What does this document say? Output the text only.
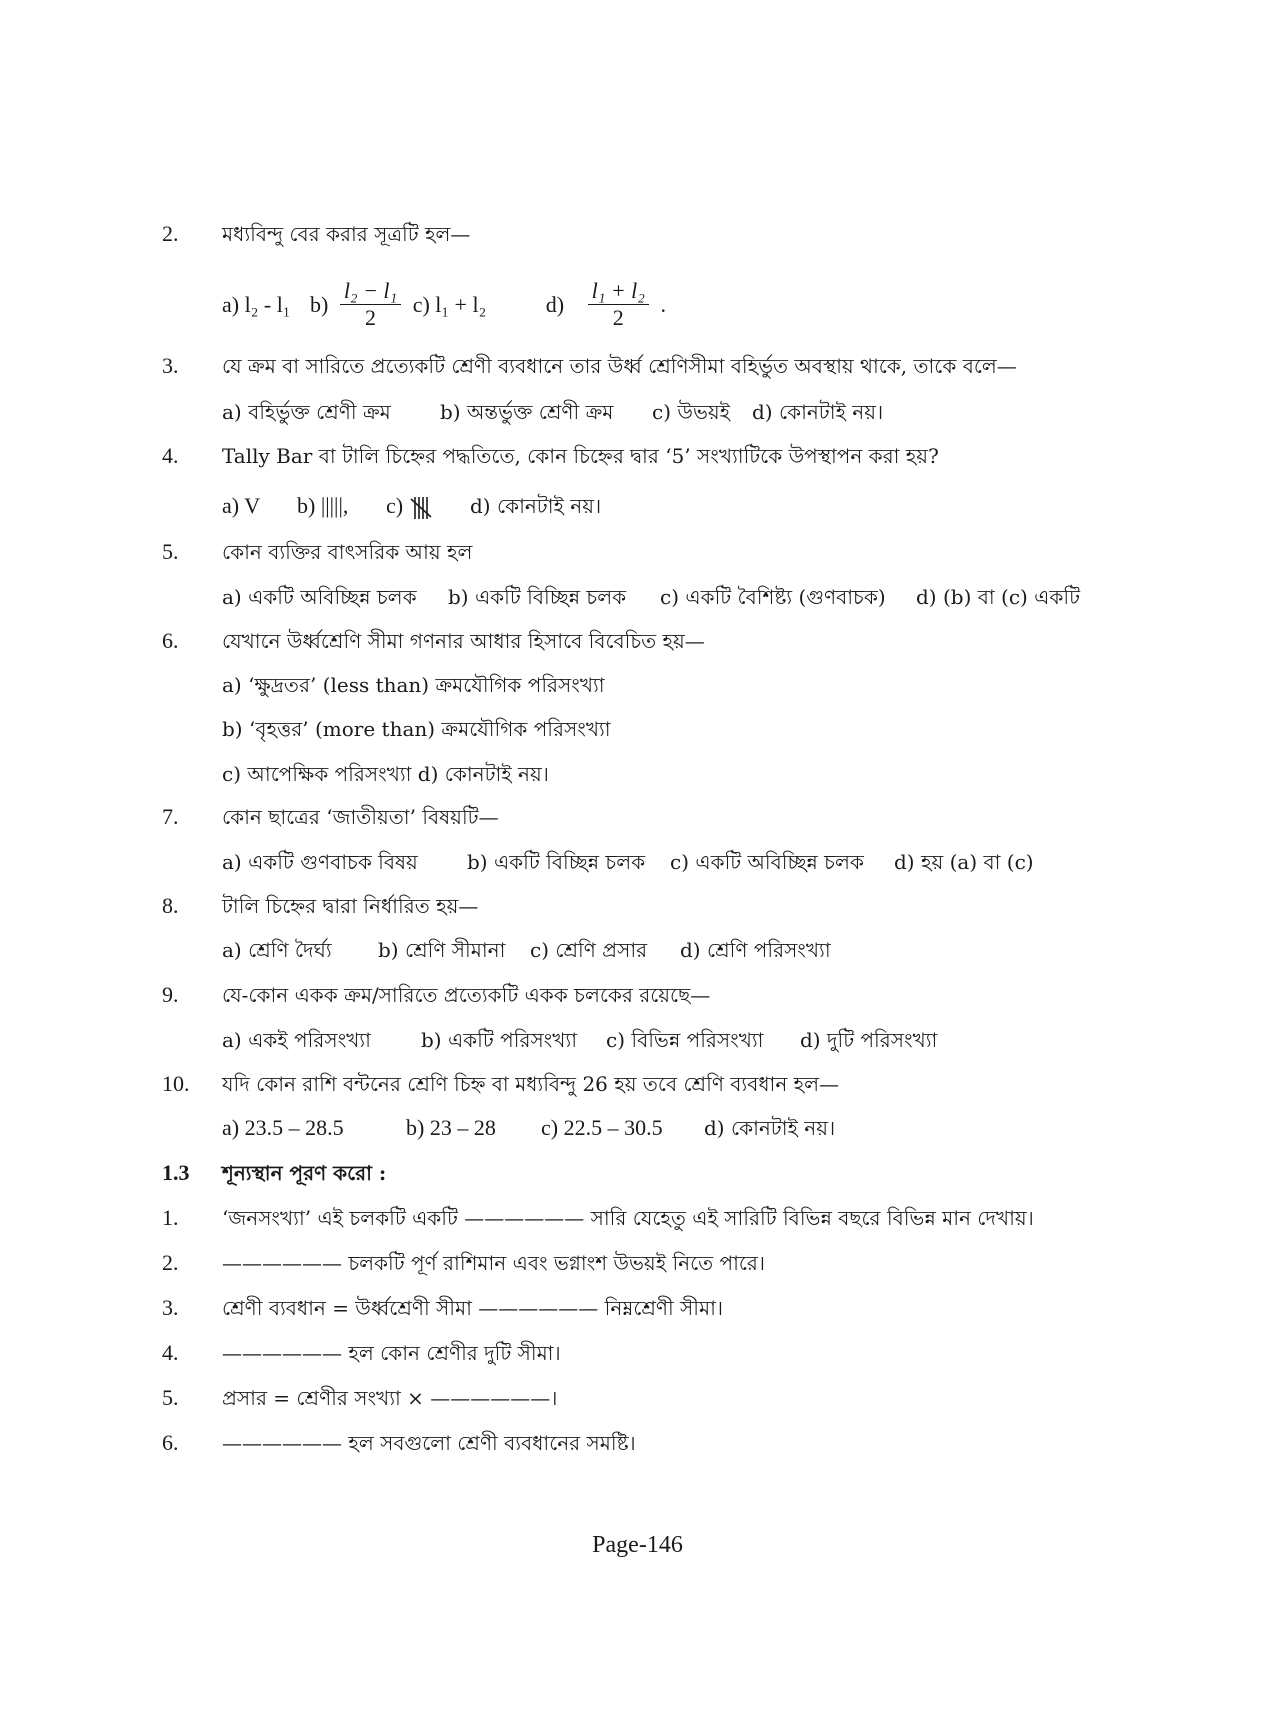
2. মধ্যবিন্দু বের করার সূত্রটি হল—
a) l₂ - l₁ $b) \frac{\text{l₂ − l₁}}{2} c$) l₁ + l₂	$d) \frac{\text{l₁ + l₂}}{2}$ .
3. যে ক্রম বা সারিতে প্রত্যেকটি শ্রেণী ব্যবধানে তার উর্ধ্ব শ্রেণিসীমা বহির্ভুত অবস্থায় থাকে, তাকে বলে—
a) বহির্ভুক্ত শ্রেণী ক্রম b) অন্তর্ভুক্ত শ্রেণী ক্রম c) উভয়ই d) কোনটাই নয়।
4. Tally Bar বা টালি চিহ্নের পদ্ধতিতে, কোন চিহ্নের দ্বার ‘5’ সংখ্যাটিকে উপস্থাপন করা হয়?
a) V b) |||||, c)	d) কোনটাই নয়।
5. কোন ব্যক্তির বাৎসরিক আয় হল
a) একটি অবিচ্ছিন্ন চলক b) একটি বিচ্ছিন্ন চলক c) একটি বৈশিষ্ট্য (গুণবাচক) d) (b) বা (c) একটি
6. যেখানে উর্ধ্বশ্রেণি সীমা গণনার আধার হিসাবে বিবেচিত হয়—
a) ‘ক্ষুদ্রতর’ (less than) ক্রমযৌগিক পরিসংখ্যা
b) ‘বৃহত্তর’ (more than) ক্রমযৌগিক পরিসংখ্যা
c) আপেক্ষিক পরিসংখ্যা d) কোনটাই নয়।
7. কোন ছাত্রের ‘জাতীয়তা’ বিষয়টি—
a) একটি গুণবাচক বিষয় b) একটি বিচ্ছিন্ন চলক c) একটি অবিচ্ছিন্ন চলক d) হয় (a) বা (c)
8. টালি চিহ্নের দ্বারা নির্ধারিত হয়—
a) শ্রেণি দৈর্ঘ্য b) শ্রেণি সীমানা c) শ্রেণি প্রসার d) শ্রেণি পরিসংখ্যা
9. যে-কোন একক ক্রম/সারিতে প্রত্যেকটি একক চলকের রয়েছে—
a) একই পরিসংখ্যা	b) একটি পরিসংখ্যা c) বিভিন্ন পরিসংখ্যা d) দুটি পরিসংখ্যা
10. যদি কোন রাশি বন্টনের শ্রেণি চিহ্ন বা মধ্যবিন্দু 26 হয় তবে শ্রেণি ব্যবধান হল—
a) 23.5 – 28.5	b) 23 – 28 c) 22.5 – 30.5 d) কোনটাই নয়।
1.3 শূন্যস্থান পূরণ করো :
1. ‘জনসংখ্যা’ এই চলকটি একটি —————— সারি যেহেতু এই সারিটি বিভিন্ন বছরে বিভিন্ন মান দেখায়।
2. —————— চলকটি পূর্ণ রাশিমান এবং ভগ্নাংশ উভয়ই নিতে পারে।
3. শ্রেণী ব্যবধান = উর্ধ্বশ্রেণী সীমা —————— নিম্নশ্রেণী সীমা।
4. —————— হল কোন শ্রেণীর দুটি সীমা।
5. প্রসার = শ্রেণীর সংখ্যা × ——————।
6. —————— হল সবগুলো শ্রেণী ব্যবধানের সমষ্টি।
Page-146
